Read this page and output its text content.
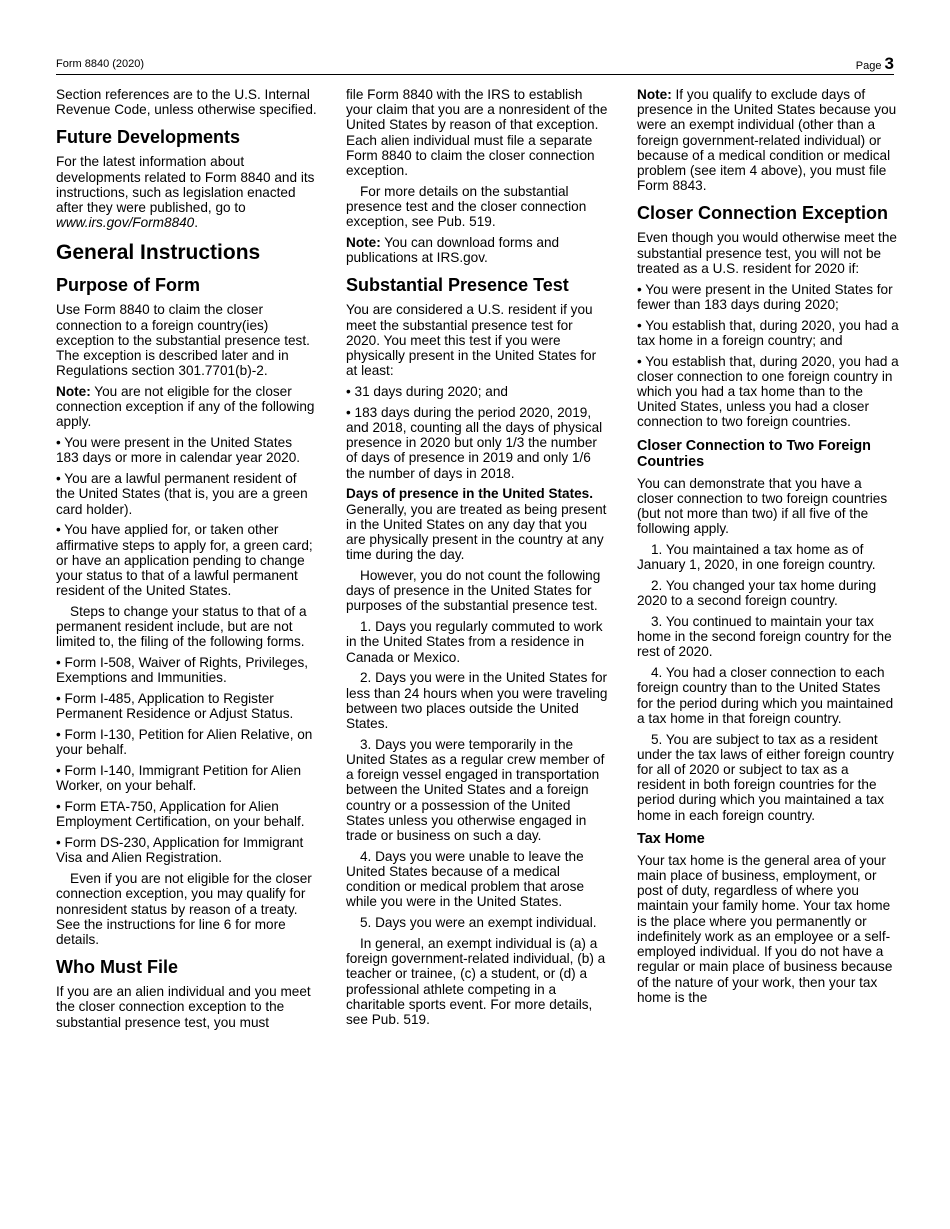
Form 8840 (2020)	Page 3

Section references are to the U.S. Internal Revenue Code, unless otherwise specified.

Future Developments

For the latest information about developments related to Form 8840 and its instructions, such as legislation enacted after they were published, go to www.irs.gov/Form8840.

General Instructions
Purpose of Form

Use Form 8840 to claim the closer connection to a foreign country(ies) exception to the substantial presence test. The exception is described later and in Regulations section 301.7701(b)-2.

Note: You are not eligible for the closer connection exception if any of the following apply.

• You were present in the United States 183 days or more in calendar year 2020.

• You are a lawful permanent resident of the United States (that is, you are a green card holder).

• You have applied for, or taken other affirmative steps to apply for, a green card; or have an application pending to change your status to that of a lawful permanent resident of the United States.

Steps to change your status to that of a permanent resident include, but are not limited to, the filing of the following forms.

• Form I-508, Waiver of Rights, Privileges, Exemptions and Immunities.

• Form I-485, Application to Register Permanent Residence or Adjust Status.

• Form I-130, Petition for Alien Relative, on your behalf.

• Form I-140, Immigrant Petition for Alien Worker, on your behalf.

• Form ETA-750, Application for Alien Employment Certification, on your behalf.

• Form DS-230, Application for Immigrant Visa and Alien Registration.

Even if you are not eligible for the closer connection exception, you may qualify for nonresident status by reason of a treaty. See the instructions for line 6 for more details.

Who Must File

If you are an alien individual and you meet the closer connection exception to the substantial presence test, you must

file Form 8840 with the IRS to establish your claim that you are a nonresident of the United States by reason of that exception. Each alien individual must file a separate Form 8840 to claim the closer connection exception.

For more details on the substantial presence test and the closer connection exception, see Pub. 519.

Note: You can download forms and publications at IRS.gov.

Substantial Presence Test

You are considered a U.S. resident if you meet the substantial presence test for 2020. You meet this test if you were physically present in the United States for at least:

• 31 days during 2020; and

• 183 days during the period 2020, 2019, and 2018, counting all the days of physical presence in 2020 but only 1/3 the number of days of presence in 2019 and only 1/6 the number of days in 2018.

Days of presence in the United States. Generally, you are treated as being present in the United States on any day that you are physically present in the country at any time during the day.

However, you do not count the following days of presence in the United States for purposes of the substantial presence test.

1. Days you regularly commuted to work in the United States from a residence in Canada or Mexico.

2. Days you were in the United States for less than 24 hours when you were traveling between two places outside the United States.

3. Days you were temporarily in the United States as a regular crew member of a foreign vessel engaged in transportation between the United States and a foreign country or a possession of the United States unless you otherwise engaged in trade or business on such a day.

4. Days you were unable to leave the United States because of a medical condition or medical problem that arose while you were in the United States.

5. Days you were an exempt individual.

In general, an exempt individual is (a) a foreign government-related individual, (b) a teacher or trainee, (c) a student, or (d) a professional athlete competing in a charitable sports event. For more details, see Pub. 519.

Note: If you qualify to exclude days of presence in the United States because you were an exempt individual (other than a foreign government-related individual) or because of a medical condition or medical problem (see item 4 above), you must file Form 8843.

Closer Connection Exception

Even though you would otherwise meet the substantial presence test, you will not be treated as a U.S. resident for 2020 if:

• You were present in the United States for fewer than 183 days during 2020;

• You establish that, during 2020, you had a tax home in a foreign country; and

• You establish that, during 2020, you had a closer connection to one foreign country in which you had a tax home than to the United States, unless you had a closer connection to two foreign countries.

Closer Connection to Two Foreign Countries

You can demonstrate that you have a closer connection to two foreign countries (but not more than two) if all five of the following apply.

1. You maintained a tax home as of January 1, 2020, in one foreign country.

2. You changed your tax home during 2020 to a second foreign country.

3. You continued to maintain your tax home in the second foreign country for the rest of 2020.

4. You had a closer connection to each foreign country than to the United States for the period during which you maintained a tax home in that foreign country.

5. You are subject to tax as a resident under the tax laws of either foreign country for all of 2020 or subject to tax as a resident in both foreign countries for the period during which you maintained a tax home in each foreign country.

Tax Home

Your tax home is the general area of your main place of business, employment, or post of duty, regardless of where you maintain your family home. Your tax home is the place where you permanently or indefinitely work as an employee or a self-employed individual. If you do not have a regular or main place of business because of the nature of your work, then your tax home is the
